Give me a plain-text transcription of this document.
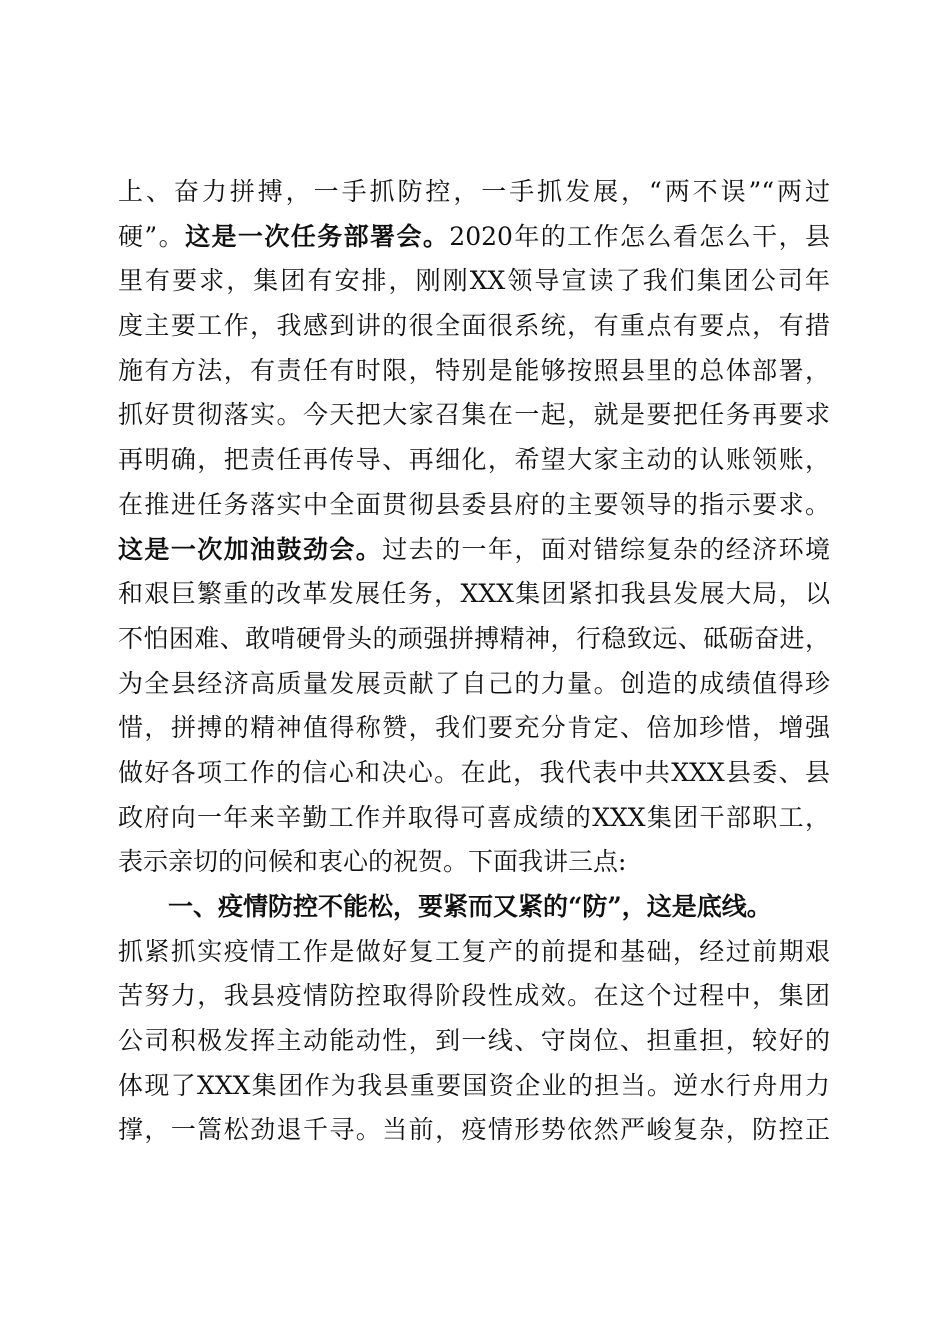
上、奋力拼搏，一手抓防控，一手抓发展，“两不误”“两过
硬”。这是一次任务部署会。2020年的工作怎么看怎么干，县
里有要求，集团有安排，刚刚XX领导宣读了我们集团公司年
度主要工作，我感到讲的很全面很系统，有重点有要点，有措
施有方法，有责任有时限，特别是能够按照县里的总体部署，
抓好贯彻落实。今天把大家召集在一起，就是要把任务再要求
再明确，把责任再传导、再细化，希望大家主动的认账领账，
在推进任务落实中全面贯彻县委县府的主要领导的指示要求。
这是一次加油鼓劲会。过去的一年，面对错综复杂的经济环境
和艰巨繁重的改革发展任务，XXX集团紧扣我县发展大局，以
不怕困难、敢啃硬骨头的顽强拼搏精神，行稳致远、砥砺奋进，
为全县经济高质量发展贡献了自己的力量。创造的成绩值得珍
惜，拼搏的精神值得称赞，我们要充分肯定、倍加珍惜，增强
做好各项工作的信心和决心。在此，我代表中共XXX县委、县
政府向一年来辛勤工作并取得可喜成绩的XXX集团干部职工，
表示亲切的问候和衷心的祝贺。下面我讲三点:
一、疫情防控不能松，要紧而又紧的“防”，这是底线。
抓紧抓实疫情工作是做好复工复产的前提和基础，经过前期艰
苦努力，我县疫情防控取得阶段性成效。在这个过程中，集团
公司积极发挥主动能动性，到一线、守岗位、担重担，较好的
体现了XXX集团作为我县重要国资企业的担当。逆水行舟用力
撑，一篙松劲退千寻。当前，疫情形势依然严峻复杂，防控正
